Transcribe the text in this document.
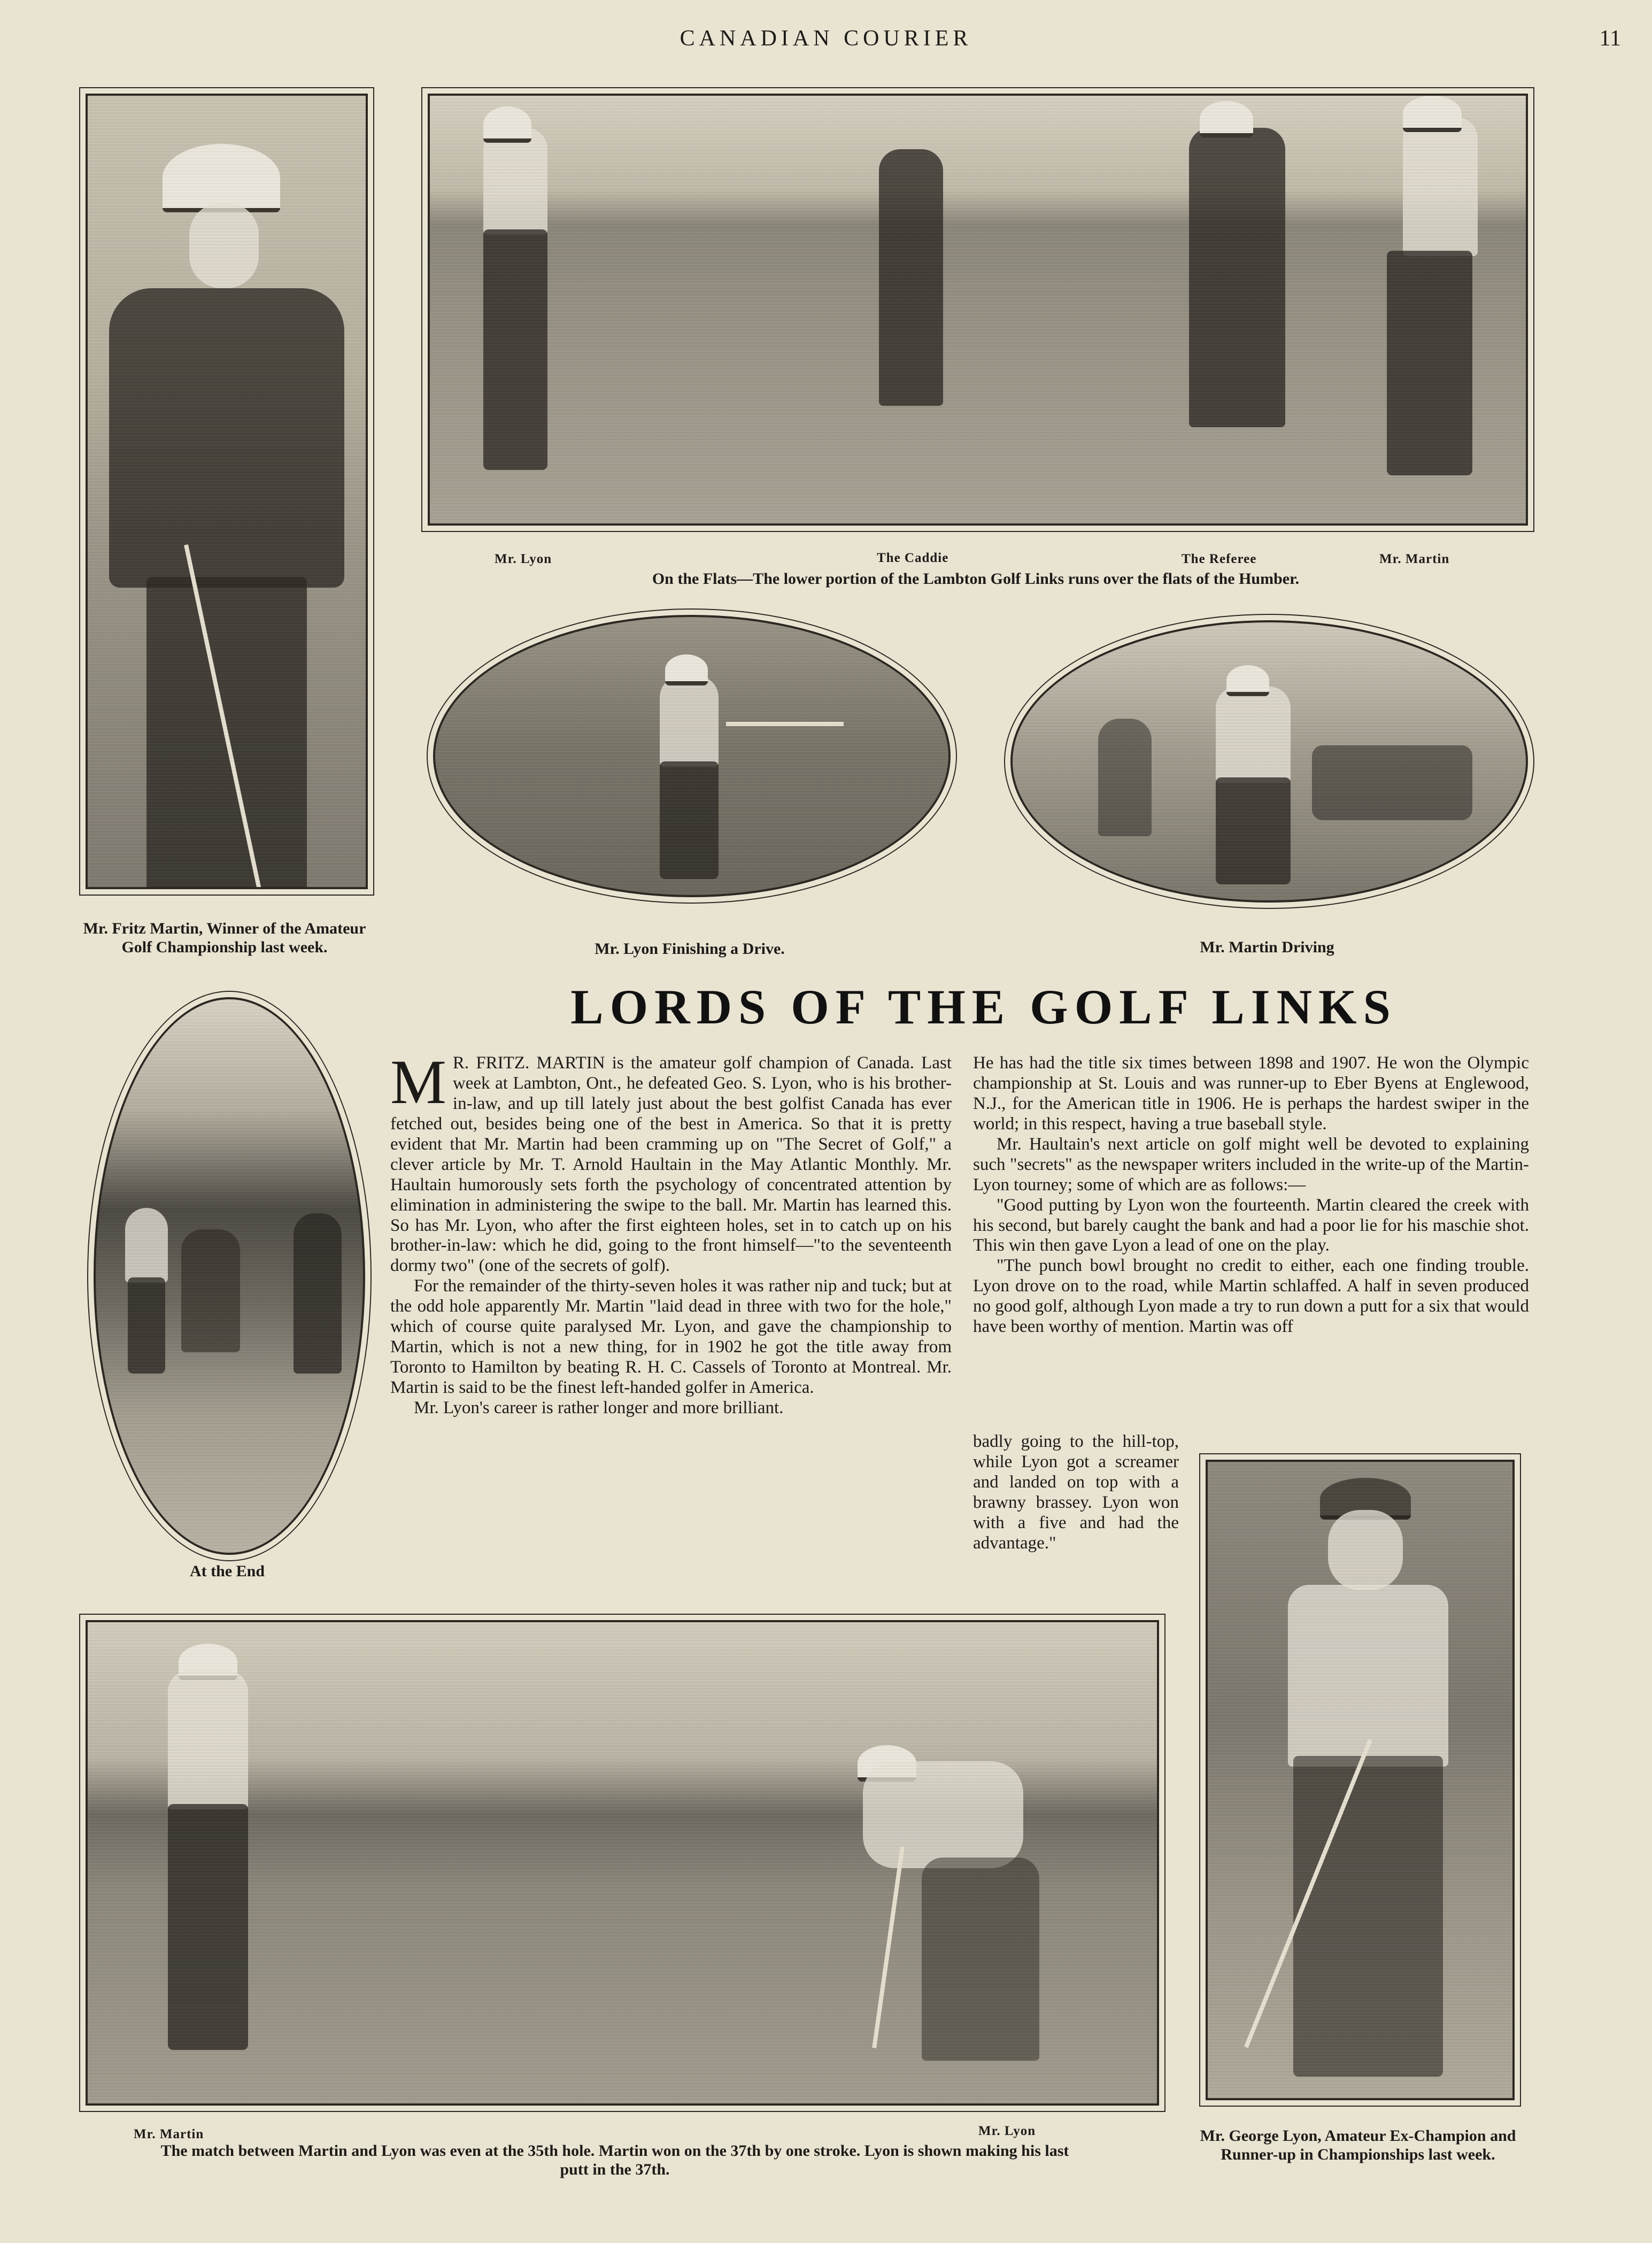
CANADIAN COURIER	11
Mr. Fritz Martin, Winner of the Amateur Golf Championship last week.
Mr. Lyon	The Caddie	The Referee	Mr. Martin
On the Flats—The lower portion of the Lambton Golf Links runs over the flats of the Humber.
Mr. Lyon Finishing a Drive.	Mr. Martin Driving
At the End
LORDS OF THE GOLF LINKS

M R. FRITZ. MARTIN is the amateur golf champion of Canada. Last week at Lambton, Ont., he defeated Geo. S. Lyon, who is his brother-in-law, and up till lately just about the best golfist Canada has ever fetched out, besides being one of the best in America. So that it is pretty evident that Mr. Martin had been cramming up on "The Secret of Golf," a clever article by Mr. T. Arnold Haultain in the May Atlantic Monthly. Mr. Haultain humorously sets forth the psychology of concentrated attention by elimination in administering the swipe to the ball. Mr. Martin has learned this. So has Mr. Lyon, who after the first eighteen holes, set in to catch up on his brother-in-law: which he did, going to the front himself—"to the seventeenth dormy two" (one of the secrets of golf).

For the remainder of the thirty-seven holes it was rather nip and tuck; but at the odd hole apparently Mr. Martin "laid dead in three with two for the hole," which of course quite paralysed Mr. Lyon, and gave the championship to Martin, which is not a new thing, for in 1902 he got the title away from Toronto to Hamilton by beating R. H. C. Cassels of Toronto at Montreal. Mr. Martin is said to be the finest left-handed golfer in America.

Mr. Lyon's career is rather longer and more brilliant.

He has had the title six times between 1898 and 1907. He won the Olympic championship at St. Louis and was runner-up to Eber Byens at Englewood, N.J., for the American title in 1906. He is perhaps the hardest swiper in the world; in this respect, having a true baseball style.

Mr. Haultain's next article on golf might well be devoted to explaining such "secrets" as the newspaper writers included in the write-up of the Martin-Lyon tourney; some of which are as follows:—

"Good putting by Lyon won the fourteenth. Martin cleared the creek with his second, but barely caught the bank and had a poor lie for his maschie shot. This win then gave Lyon a lead of one on the play.

"The punch bowl brought no credit to either, each one finding trouble. Lyon drove on to the road, while Martin schlaffed. A half in seven produced no good golf, although Lyon made a try to run down a putt for a six that would have been worthy of mention. Martin was off

badly going to the hill-top, while Lyon got a screamer and landed on top with a brawny brassey. Lyon won with a five and had the advantage."

Mr. Martin	Mr. Lyon
The match between Martin and Lyon was even at the 35th hole. Martin won on the 37th by one stroke. Lyon is shown making his last putt in the 37th.
Mr. George Lyon, Amateur Ex-Champion and Runner-up in Championships last week.
